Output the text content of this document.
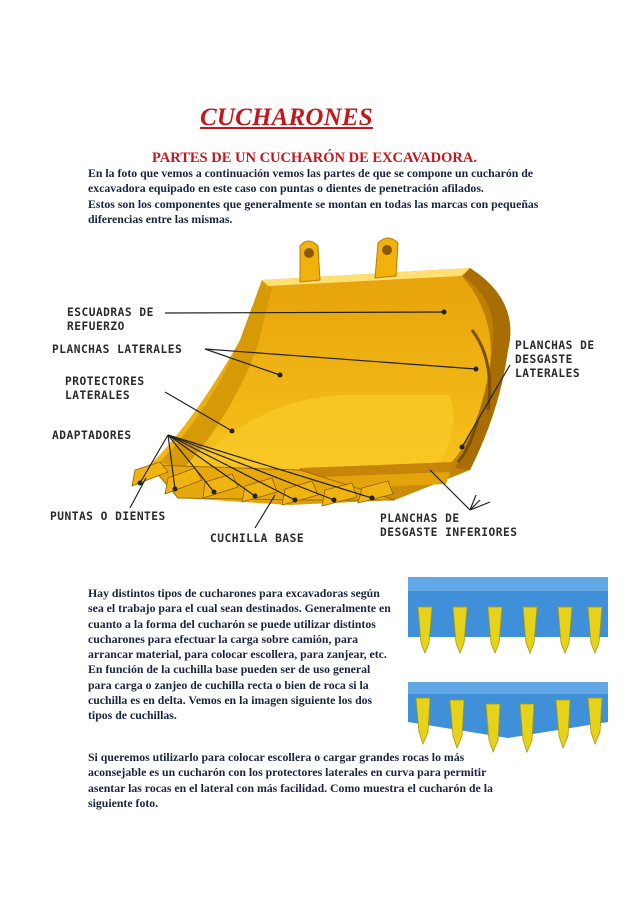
CUCHARONES
PARTES DE UN CUCHARÓN DE EXCAVADORA.
En la foto que vemos a continuación vemos las partes de que se compone un cucharón de
excavadora equipado en este caso con puntas o dientes de penetración afilados.
Estos son los componentes que generalmente se montan en todas las marcas con pequeñas
diferencias entre las mismas.
ESCUADRAS DE
REFUERZO
PLANCHAS LATERALES
PROTECTORES
LATERALES
ADAPTADORES
PUNTAS O DIENTES
CUCHILLA BASE
PLANCHAS DE
DESGASTE INFERIORES
PLANCHAS DE
DESGASTE
LATERALES
Hay distintos tipos de cucharones para excavadoras según
sea el trabajo para el cual sean destinados. Generalmente en
cuanto a la forma del cucharón se puede utilizar distintos
cucharones para efectuar la carga sobre camión, para
arrancar material, para colocar escollera, para zanjear, etc.
En función de la cuchilla base pueden ser de uso general
para carga o zanjeo de cuchilla recta o bien de roca si la
cuchilla es en delta. Vemos en la imagen siguiente los dos
tipos de cuchillas.
Si queremos utilizarlo para colocar escollera o cargar grandes rocas lo más
aconsejable es un cucharón con los protectores laterales en curva para permitir
asentar las rocas en el lateral con más facilidad. Como muestra el cucharón de la
siguiente foto.
